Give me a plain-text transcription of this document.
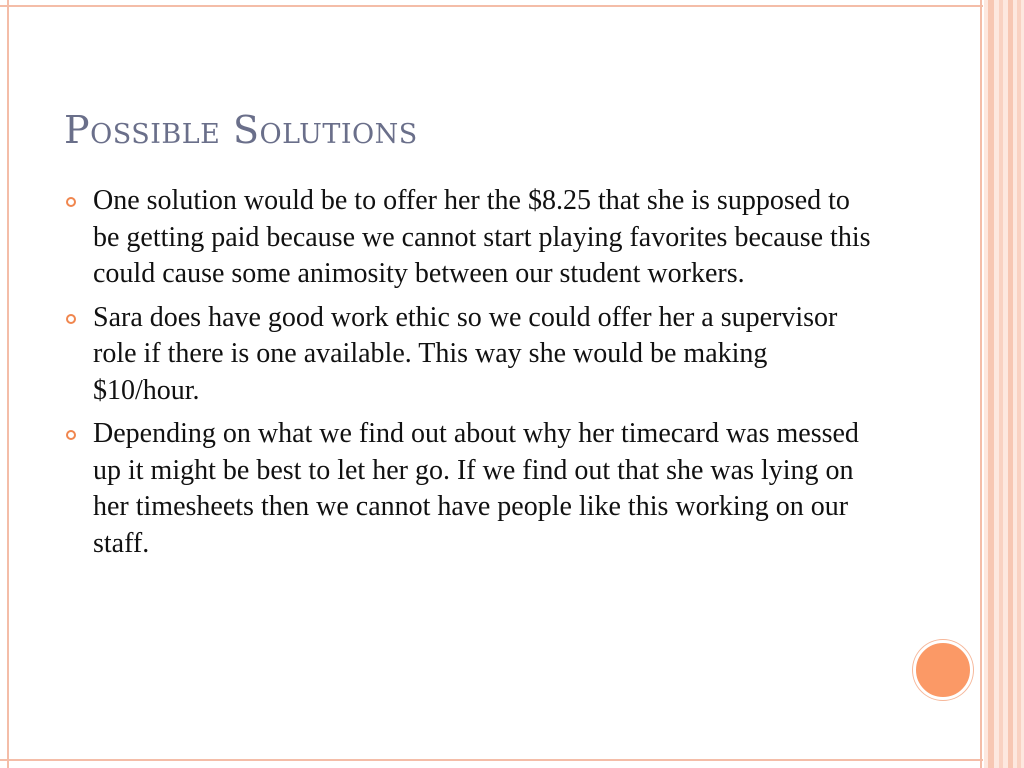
Possible Solutions
One solution would be to offer her the $8.25 that she is supposed to be getting paid because we cannot start playing favorites because this could cause some animosity between our student workers.
Sara does have good work ethic so we could offer her a supervisor role if there is one available. This way she would be making $10/hour.
Depending on what we find out about why her timecard was messed up it might be best to let her go. If we find out that she was lying on her timesheets then we cannot have people like this working on our staff.
